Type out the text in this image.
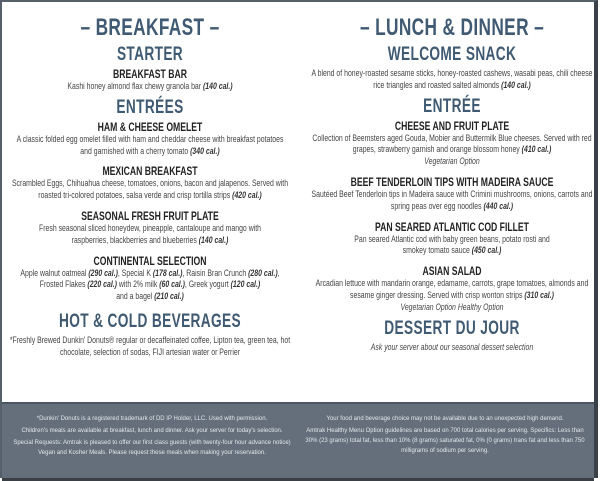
– BREAKFAST –
STARTER
BREAKFAST BAR
Kashi honey almond flax chewy granola bar (140 cal.)
ENTRÉES
HAM & CHEESE OMELET
A classic folded egg omelet filled with ham and cheddar cheese with breakfast potatoes and garnished with a cherry tomato (340 cal.)
MEXICAN BREAKFAST
Scrambled Eggs, Chihuahua cheese, tomatoes, onions, bacon and jalapenos. Served with roasted tri-colored potatoes, salsa verde and crisp tortilla strips (420 cal.)
SEASONAL FRESH FRUIT PLATE
Fresh seasonal sliced honeydew, pineapple, cantaloupe and mango with raspberries, blackberries and blueberries (140 cal.)
CONTINENTAL SELECTION
Apple walnut oatmeal (290 cal.), Special K (178 cal.), Raisin Bran Crunch (280 cal.), Frosted Flakes (220 cal.) with 2% milk (60 cal.), Greek yogurt (120 cal.)
and a bagel (210 cal.)
HOT & COLD BEVERAGES
*Freshly Brewed Dunkin' Donuts® regular or decaffeinated coffee, Lipton tea, green tea, hot chocolate, selection of sodas, FIJI artesian water or Perrier
– LUNCH & DINNER –
WELCOME SNACK
A blend of honey-roasted sesame sticks, honey-roasted cashews, wasabi peas, chili cheese rice triangles and roasted salted almonds (140 cal.)
ENTRÉE
CHEESE AND FRUIT PLATE
Collection of Beemsters aged Gouda, Mobier and Buttermilk Blue cheeses. Served with red grapes, strawberry garnish and orange blossom honey (410 cal.)
Vegetarian Option
BEEF TENDERLOIN TIPS WITH MADEIRA SAUCE
Sautéed Beef Tenderloin tips in Madeira sauce with Crimini mushrooms, onions, carrots and spring peas over egg noodles (440 cal.)
PAN SEARED ATLANTIC COD FILLET
Pan seared Atlantic cod with baby green beans, potato rosti and smokey tomato sauce (450 cal.)
ASIAN SALAD
Arcadian lettuce with mandarin orange, edamame, carrots, grape tomatoes, almonds and sesame ginger dressing. Served with crisp wonton strips (310 cal.)
Vegetarian Option Healthy Option
DESSERT DU JOUR
Ask your server about our seasonal dessert selection
*Dunkin' Donuts is a registered trademark of DD IP Holder, LLC. Used with permission.
Children's meals are available at breakfast, lunch and dinner. Ask your server for today's selection.
Special Requests: Amtrak is pleased to offer our first class guests (with twenty-four hour advance notice) Vegan and Kosher Meals. Please request these meals when making your reservation.
Your food and beverage choice may not be available due to an unexpected high demand.
Amtrak Healthy Menu Option guidelines are based on 700 total calories per serving. Specifics: Less than 30% (23 grams) total fat, less than 10% (8 grams) saturated fat, 0% (0 grams) trans fat and less than 750 milligrams of sodium per serving.
